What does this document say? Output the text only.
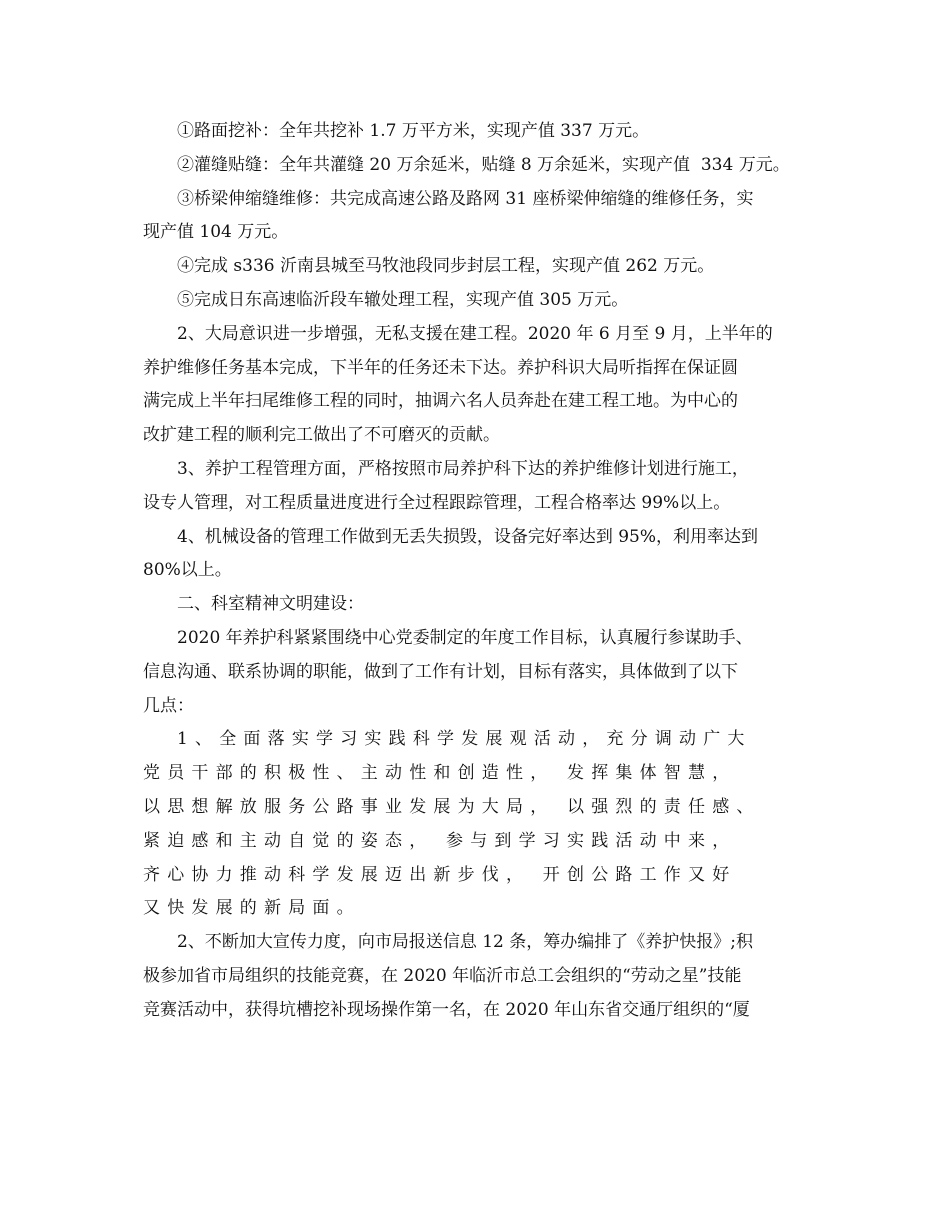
①路面挖补：全年共挖补 1.7 万平方米，实现产值 337 万元。
②灌缝贴缝：全年共灌缝 20 万余延米，贴缝 8 万余延米，实现产值  334 万元。
③桥梁伸缩缝维修：共完成高速公路及路网 31 座桥梁伸缩缝的维修任务，实
现产值 104 万元。
④完成 s336 沂南县城至马牧池段同步封层工程，实现产值 262 万元。
⑤完成日东高速临沂段车辙处理工程，实现产值 305 万元。
2、大局意识进一步增强，无私支援在建工程。2020 年 6 月至 9 月，上半年的
养护维修任务基本完成，下半年的任务还未下达。养护科识大局听指挥在保证圆
满完成上半年扫尾维修工程的同时，抽调六名人员奔赴在建工程工地。为中心的
改扩建工程的顺利完工做出了不可磨灭的贡献。
3、养护工程管理方面，严格按照市局养护科下达的养护维修计划进行施工，
设专人管理，对工程质量进度进行全过程跟踪管理，工程合格率达 99%以上。
4、机械设备的管理工作做到无丢失损毁，设备完好率达到 95%，利用率达到
80%以上。
二、科室精神文明建设：
2020 年养护科紧紧围绕中心党委制定的年度工作目标，认真履行参谋助手、
信息沟通、联系协调的职能，做到了工作有计划，目标有落实，具体做到了以下
几点：
1、全面落实学习实践科学发展观活动，充分调动广大
党员干部的积极性、主动性和创造性， 发挥集体智慧，
以思想解放服务公路事业发展为大局， 以强烈的责任感、
紧迫感和主动自觉的姿态， 参与到学习实践活动中来，
齐心协力推动科学发展迈出新步伐， 开创公路工作又好
又快发展的新局面。
2、不断加大宣传力度，向市局报送信息 12 条，筹办编排了《养护快报》;积
极参加省市局组织的技能竞赛，在 2020 年临沂市总工会组织的“劳动之星”技能
竞赛活动中，获得坑槽挖补现场操作第一名，在 2020 年山东省交通厅组织的“厦
